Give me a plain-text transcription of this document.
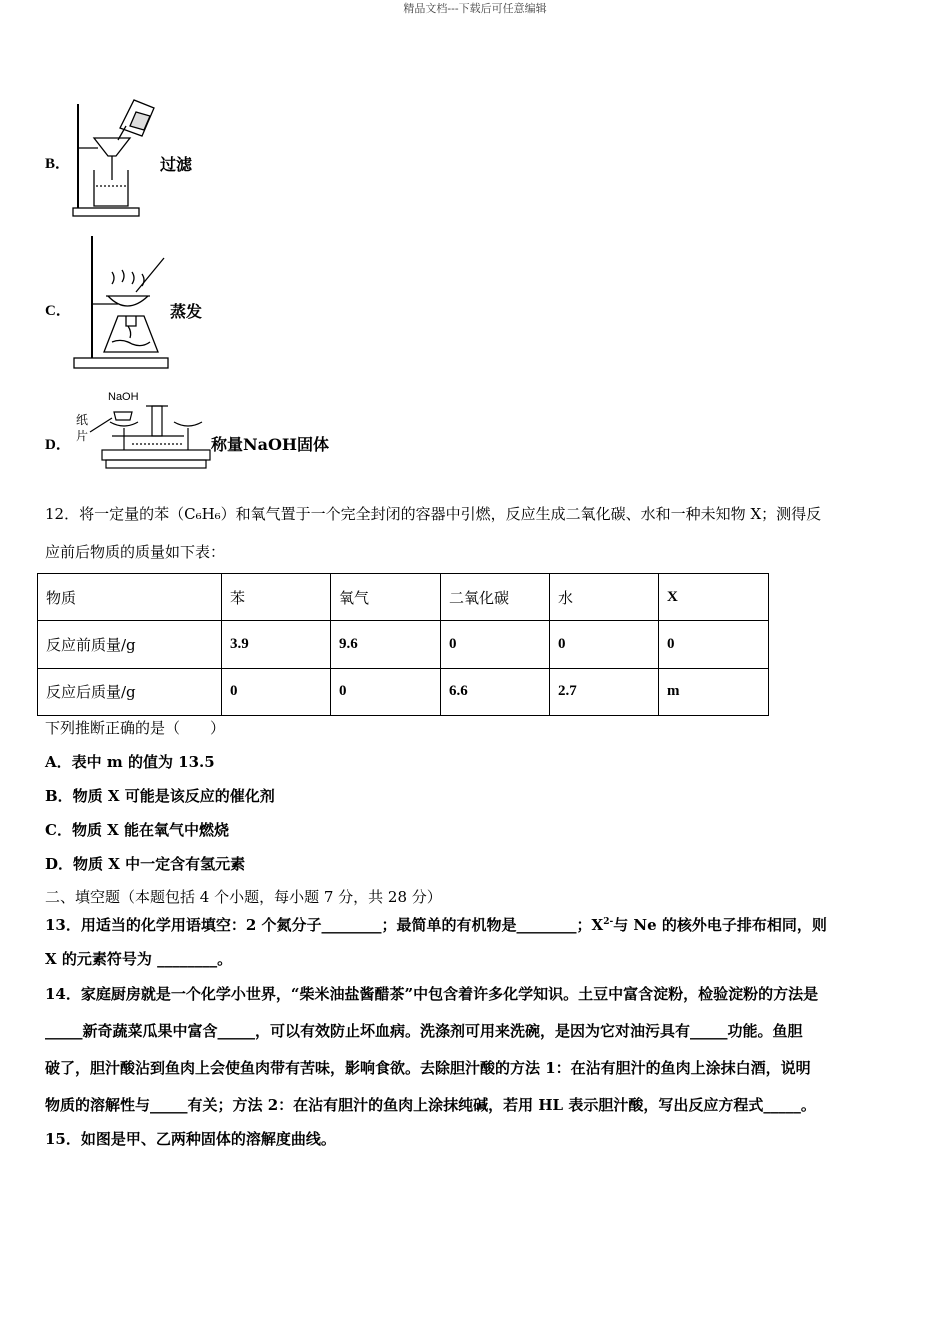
精品文档---下载后可任意编辑
B．	过滤
C．	蒸发
D．
NaOH
纸
片	称量NaOH固体
12．将一定量的苯（C₆H₆）和氧气置于一个完全封闭的容器中引燃，反应生成二氧化碳、水和一种未知物 X；测得反
应前后物质的质量如下表：
物质	苯	氧气	二氧化碳	水	X
反应前质量/g	3.9	9.6	0	0	0
反应后质量/g	0	0	6.6	2.7	m
下列推断正确的是（　　）
A．表中 m 的值为 13.5
B．物质 X 可能是该反应的催化剂
C．物质 X 能在氧气中燃烧
D．物质 X 中一定含有氢元素
二、填空题（本题包括 4 个小题，每小题 7 分，共 28 分）
13．用适当的化学用语填空：2 个氮分子________；最简单的有机物是________；$X^{2-}$与 Ne 的核外电子排布相同，则
X 的元素符号为 ________。
14．家庭厨房就是一个化学小世界，“柴米油盐酱醋茶”中包含着许多化学知识。土豆中富含淀粉，检验淀粉的方法是
_____新奇蔬菜瓜果中富含_____，可以有效防止坏血病。洗涤剂可用来洗碗，是因为它对油污具有_____功能。鱼胆
破了，胆汁酸沾到鱼肉上会使鱼肉带有苦味，影响食欲。去除胆汁酸的方法 1：在沾有胆汁的鱼肉上涂抹白酒，说明
物质的溶解性与_____有关；方法 2：在沾有胆汁的鱼肉上涂抹纯碱，若用 HL 表示胆汁酸，写出反应方程式_____。
15．如图是甲、乙两种固体的溶解度曲线。
